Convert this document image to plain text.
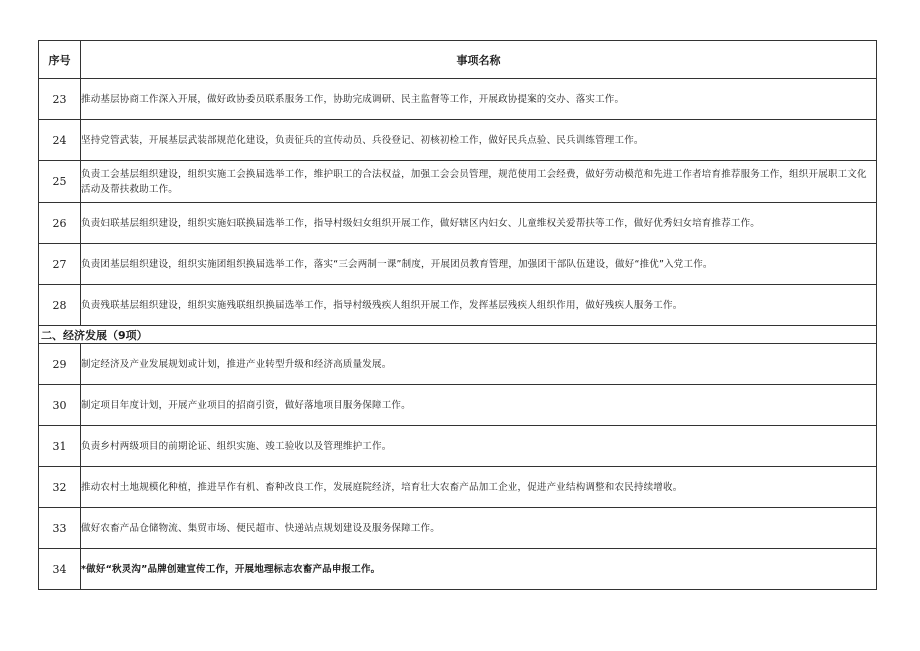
序号	事项名称
23	推动基层协商工作深入开展，做好政协委员联系服务工作，协助完成调研、民主监督等工作，开展政协提案的交办、落实工作。
24	坚持党管武装，开展基层武装部规范化建设，负责征兵的宣传动员、兵役登记、初核初检工作，做好民兵点验、民兵训练管理工作。
25	负责工会基层组织建设，组织实施工会换届选举工作，维护职工的合法权益，加强工会会员管理，规范使用工会经费，做好劳动模范和先进工作者培育推荐服务工作，组织开展职工文化活动及帮扶救助工作。
26	负责妇联基层组织建设，组织实施妇联换届选举工作，指导村级妇女组织开展工作，做好辖区内妇女、儿童维权关爱帮扶等工作，做好优秀妇女培育推荐工作。
27	负责团基层组织建设，组织实施团组织换届选举工作，落实“三会两制一课”制度，开展团员教育管理，加强团干部队伍建设，做好“推优”入党工作。
28	负责残联基层组织建设，组织实施残联组织换届选举工作，指导村级残疾人组织开展工作，发挥基层残疾人组织作用，做好残疾人服务工作。
二、经济发展（9项）	
29	制定经济及产业发展规划或计划，推进产业转型升级和经济高质量发展。
30	制定项目年度计划，开展产业项目的招商引资，做好落地项目服务保障工作。
31	负责乡村两级项目的前期论证、组织实施、竣工验收以及管理维护工作。
32	推动农村土地规模化种植，推进旱作有机、畜种改良工作，发展庭院经济，培育壮大农畜产品加工企业，促进产业结构调整和农民持续增收。
33	做好农畜产品仓储物流、集贸市场、便民超市、快递站点规划建设及服务保障工作。
34	*做好“秋灵沟”品牌创建宣传工作，开展地理标志农畜产品申报工作。
